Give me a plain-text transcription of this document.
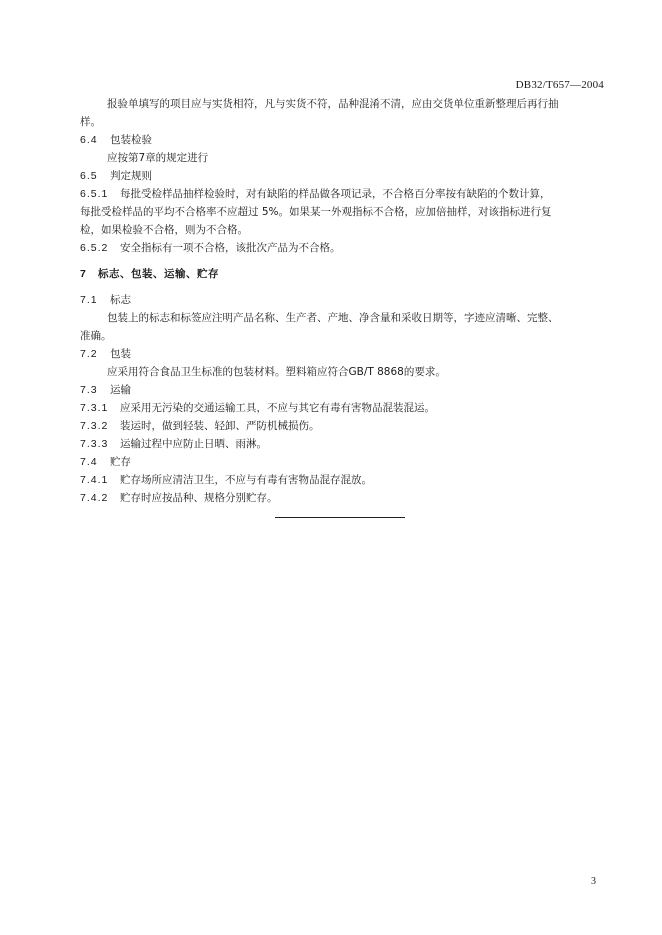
DB32/T657—2004
报验单填写的项目应与实货相符，凡与实货不符，品种混淆不清，应由交货单位重新整理后再行抽
样。
6.4 包装检验
应按第7章的规定进行
6.5 判定规则
6.5.1 每批受检样品抽样检验时，对有缺陷的样品做各项记录，不合格百分率按有缺陷的个数计算，
每批受检样品的平均不合格率不应超过 5%。如果某一外观指标不合格，应加倍抽样，对该指标进行复
检，如果检验不合格，则为不合格。
6.5.2 安全指标有一项不合格，该批次产品为不合格。
7 标志、包装、运输、贮存
7.1 标志
包装上的标志和标签应注明产品名称、生产者、产地、净含量和采收日期等，字迹应清晰、完整、
准确。
7.2 包装
应采用符合食品卫生标准的包装材料。塑料箱应符合GB/T 8868的要求。
7.3 运输
7.3.1 应采用无污染的交通运输工具，不应与其它有毒有害物品混装混运。
7.3.2 装运时，做到轻装、轻卸、严防机械损伤。
7.3.3 运输过程中应防止日晒、雨淋。
7.4 贮存
7.4.1 贮存场所应清洁卫生，不应与有毒有害物品混存混放。
7.4.2 贮存时应按品种、规格分别贮存。
3
